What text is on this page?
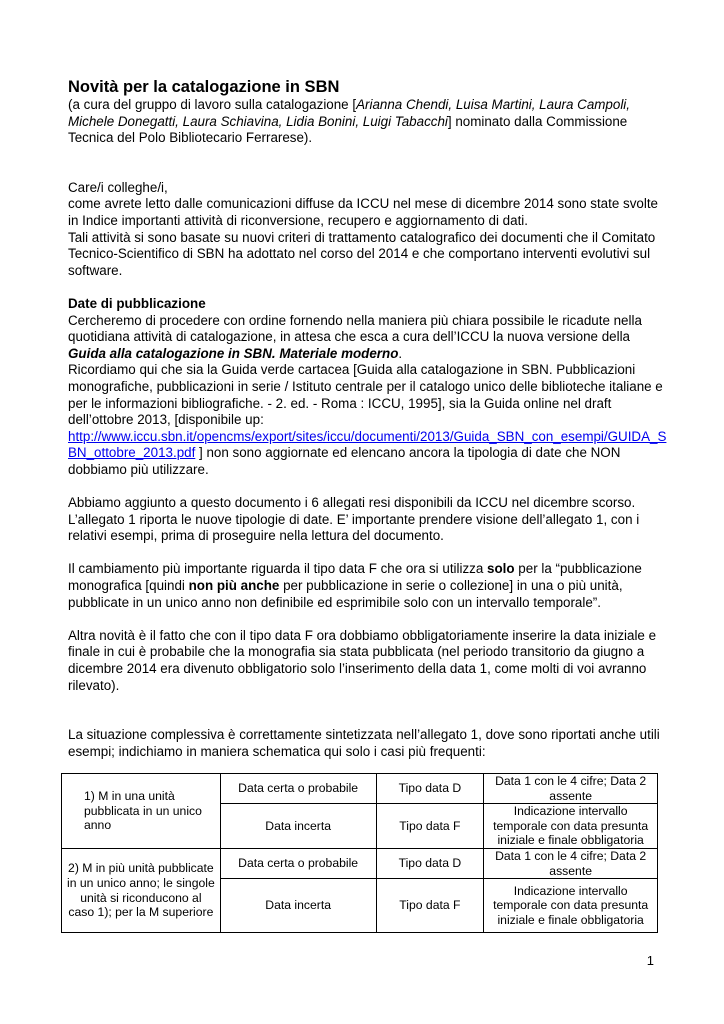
Novità per la catalogazione in SBN

(a cura del gruppo di lavoro sulla catalogazione [Arianna Chendi, Luisa Martini, Laura Campoli, Michele Donegatti, Laura Schiavina, Lidia Bonini, Luigi Tabacchi] nominato dalla Commissione Tecnica del Polo Bibliotecario Ferrarese).

Care/i colleghe/i,

come avrete letto dalle comunicazioni diffuse da ICCU nel mese di dicembre 2014 sono state svolte in Indice importanti attività di riconversione, recupero e aggiornamento di dati.

Tali attività si sono basate su nuovi criteri di trattamento catalografico dei documenti che il Comitato Tecnico-Scientifico di SBN ha adottato nel corso del 2014 e che comportano interventi evolutivi sul software.

Date di pubblicazione

Cercheremo di procedere con ordine fornendo nella maniera più chiara possibile le ricadute nella quotidiana attività di catalogazione, in attesa che esca a cura dell’ICCU la nuova versione della Guida alla catalogazione in SBN. Materiale moderno.

Ricordiamo qui che sia la Guida verde cartacea [Guida alla catalogazione in SBN. Pubblicazioni monografiche, pubblicazioni in serie / Istituto centrale per il catalogo unico delle biblioteche italiane e per le informazioni bibliografiche. - 2. ed. - Roma : ICCU, 1995], sia la Guida online nel draft dell’ottobre 2013, [disponibile up:
http://www.iccu.sbn.it/opencms/export/sites/iccu/documenti/2013/Guida_SBN_con_esempi/GUIDA_SBN_ottobre_2013.pdf ] non sono aggiornate ed elencano ancora la tipologia di date che NON dobbiamo più utilizzare.

Abbiamo aggiunto a questo documento i 6 allegati resi disponibili da ICCU nel dicembre scorso. L’allegato 1 riporta le nuove tipologie di date. E’ importante prendere visione dell’allegato 1, con i relativi esempi, prima di proseguire nella lettura del documento.

Il cambiamento più importante riguarda il tipo data F che ora si utilizza solo per la “pubblicazione monografica [quindi non più anche per pubblicazione in serie o collezione] in una o più unità, pubblicate in un unico anno non definibile ed esprimibile solo con un intervallo temporale”.

Altra novità è il fatto che con il tipo data F ora dobbiamo obbligatoriamente inserire la data iniziale e finale in cui è probabile che la monografia sia stata pubblicata (nel periodo transitorio da giugno a dicembre 2014 era divenuto obbligatorio solo l’inserimento della data 1, come molti di voi avranno rilevato).

La situazione complessiva è correttamente sintetizzata nell’allegato 1, dove sono riportati anche utili esempi; indichiamo in maniera schematica qui solo i casi più frequenti:

1) M in una unità pubblicata in un unico anno	Data certa o probabile	Tipo data D	Data 1 con le 4 cifre; Data 2 assente
	Data incerta	Tipo data F	Indicazione intervallo temporale con data presunta iniziale e finale obbligatoria

2) M in più unità pubblicate in un unico anno; le singole unità si riconducono al caso 1); per la M superiore	Data certa o probabile	Tipo data D	Data 1 con le 4 cifre; Data 2 assente
	Data incerta	Tipo data F	Indicazione intervallo temporale con data presunta iniziale e finale obbligatoria
1
